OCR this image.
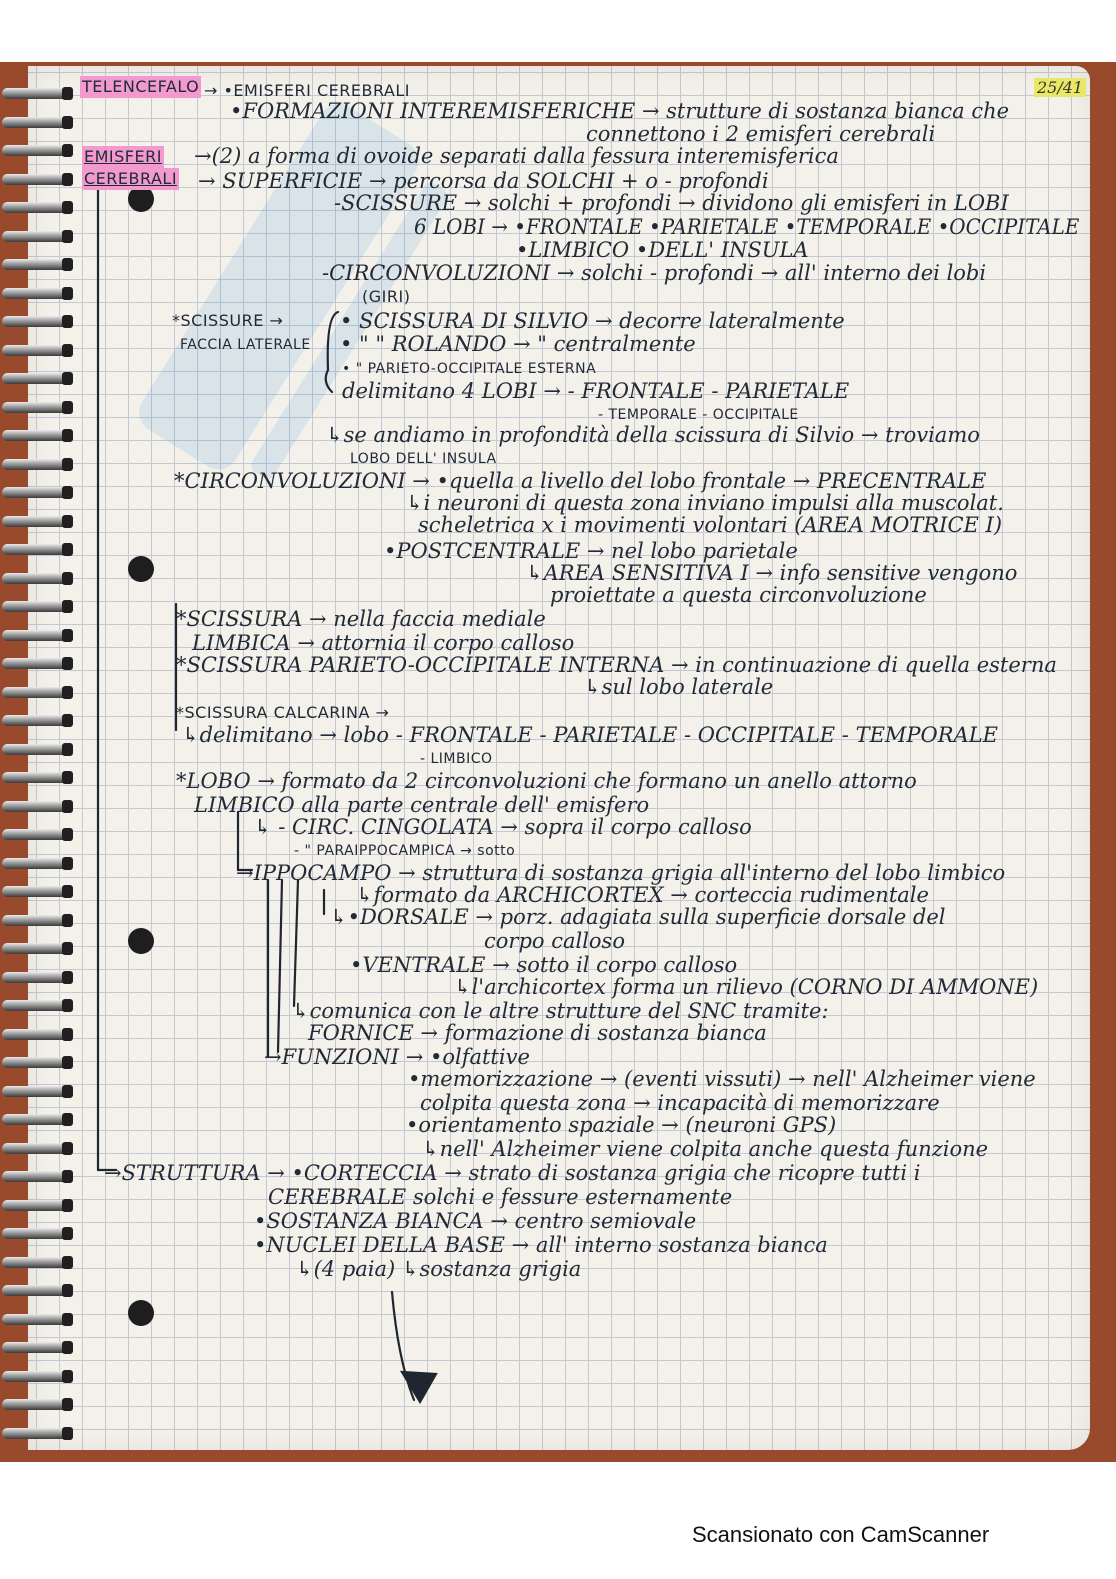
25/41
TELENCEFALO → •EMISFERI CEREBRALI
•FORMAZIONI INTEREMISFERICHE → strutture di sostanza bianca che
connettono i 2 emisferi cerebrali
EMISFERI →(2) a forma di ovoide separati dalla fessura interemisferica
CEREBRALI → SUPERFICIE → percorsa da SOLCHI + o - profondi
-SCISSURE → solchi + profondi → dividono gli emisferi in LOBI
6 LOBI → •FRONTALE •PARIETALE •TEMPORALE •OCCIPITALE
•LIMBICO •DELL' INSULA
-CIRCONVOLUZIONI → solchi - profondi → all' interno dei lobi
(GIRI)
*SCISSURE →
FACCIA LATERALE
• SCISSURA DI SILVIO → decorre lateralmente
• " " ROLANDO → " centralmente
• " PARIETO-OCCIPITALE ESTERNA
delimitano 4 LOBI → - FRONTALE - PARIETALE
- TEMPORALE - OCCIPITALE
↳se andiamo in profondità della scissura di Silvio → troviamo
LOBO DELL' INSULA
*CIRCONVOLUZIONI → •quella a livello del lobo frontale → PRECENTRALE
↳i neuroni di questa zona inviano impulsi alla muscolat.
scheletrica x i movimenti volontari (AREA MOTRICE I)
•POSTCENTRALE → nel lobo parietale
↳AREA SENSITIVA I → info sensitive vengono
proiettate a questa circonvoluzione
*SCISSURA → nella faccia mediale
LIMBICA → attornia il corpo calloso
*SCISSURA PARIETO-OCCIPITALE INTERNA → in continuazione di quella esterna
↳sul lobo laterale
*SCISSURA CALCARINA →
↳delimitano → lobo - FRONTALE - PARIETALE - OCCIPITALE - TEMPORALE
- LIMBICO
*LOBO → formato da 2 circonvoluzioni che formano un anello attorno
LIMBICO alla parte centrale dell' emisfero
↳ - CIRC. CINGOLATA → sopra il corpo calloso
- " PARAIPPOCAMPICA → sotto
→IPPOCAMPO → struttura di sostanza grigia all'interno del lobo limbico
↳formato da ARCHICORTEX → corteccia rudimentale
↳•DORSALE → porz. adagiata sulla superficie dorsale del
corpo calloso
•VENTRALE → sotto il corpo calloso
↳l'archicortex forma un rilievo (CORNO DI AMMONE)
↳comunica con le altre strutture del SNC tramite:
FORNICE → formazione di sostanza bianca
→FUNZIONI → •olfattive
•memorizzazione → (eventi vissuti) → nell' Alzheimer viene
colpita questa zona → incapacità di memorizzare
•orientamento spaziale → (neuroni GPS)
↳nell' Alzheimer viene colpita anche questa funzione
→STRUTTURA → •CORTECCIA → strato di sostanza grigia che ricopre tutti i
CEREBRALE solchi e fessure esternamente
•SOSTANZA BIANCA → centro semiovale
•NUCLEI DELLA BASE → all' interno sostanza bianca
↳(4 paia) ↳sostanza grigia
Scansionato con CamScanner
